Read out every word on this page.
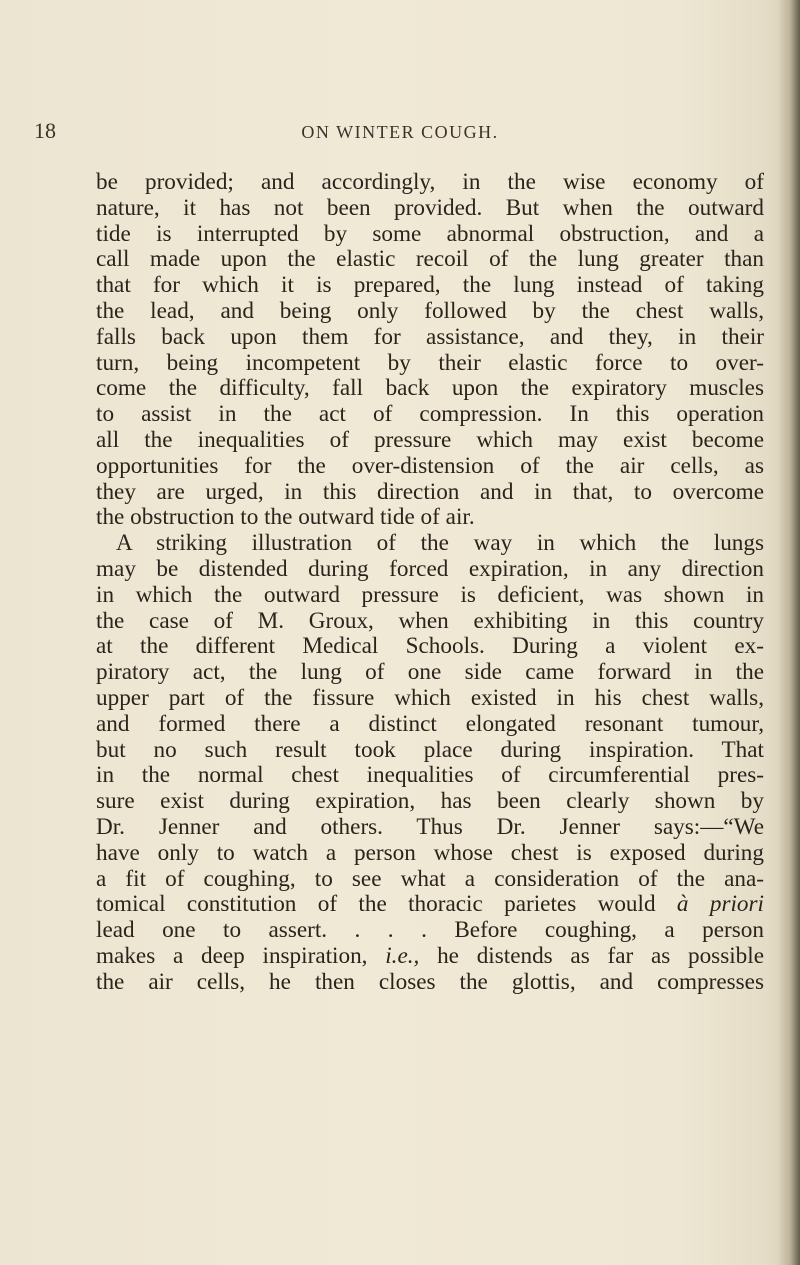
18	ON WINTER COUGH.
be provided; and accordingly, in the wise economy of
nature, it has not been provided. But when the outward
tide is interrupted by some abnormal obstruction, and a
call made upon the elastic recoil of the lung greater than
that for which it is prepared, the lung instead of taking
the lead, and being only followed by the chest walls,
falls back upon them for assistance, and they, in their
turn, being incompetent by their elastic force to over-
come the difficulty, fall back upon the expiratory muscles
to assist in the act of compression. In this operation
all the inequalities of pressure which may exist become
opportunities for the over-distension of the air cells, as
they are urged, in this direction and in that, to overcome
the obstruction to the outward tide of air.
A striking illustration of the way in which the lungs
may be distended during forced expiration, in any direction
in which the outward pressure is deficient, was shown in
the case of M. Groux, when exhibiting in this country
at the different Medical Schools. During a violent ex-
piratory act, the lung of one side came forward in the
upper part of the fissure which existed in his chest walls,
and formed there a distinct elongated resonant tumour,
but no such result took place during inspiration. That
in the normal chest inequalities of circumferential pres-
sure exist during expiration, has been clearly shown by
Dr. Jenner and others. Thus Dr. Jenner says:—“We
have only to watch a person whose chest is exposed during
a fit of coughing, to see what a consideration of the ana-
tomical constitution of the thoracic parietes would à priori
lead one to assert. . . . Before coughing, a person
makes a deep inspiration, i.e., he distends as far as possible
the air cells, he then closes the glottis, and compresses
